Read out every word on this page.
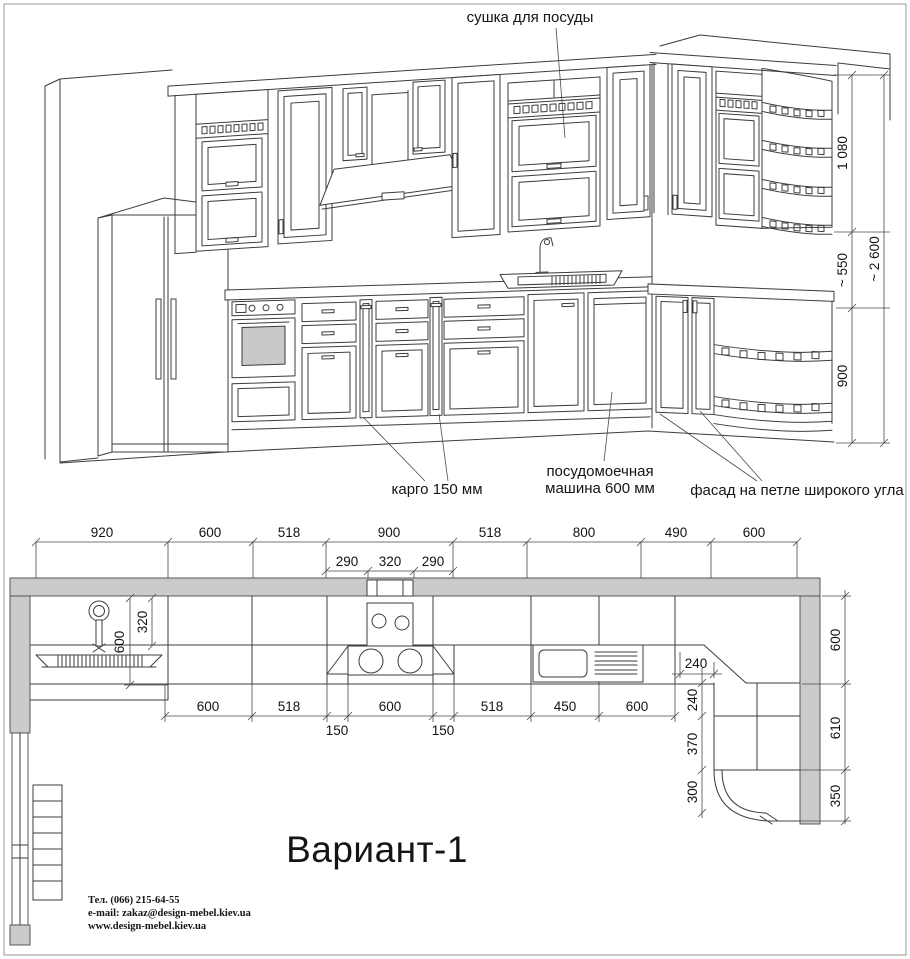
1 080
~ 550
900
~ 2 600
сушка для посуды
карго 150 мм
посудомоечная
машина 600 мм фасад на петле широкого угла
920	600	518	900	518	800	490	600
290 320 290
600
320
600	518	600	518	450	600
150	150
240
240
370
300
600
610
350
Вариант-1
Тел. (066) 215-64-55
e-mail: zakaz@design-mebel.kiev.ua
www.design-mebel.kiev.ua
